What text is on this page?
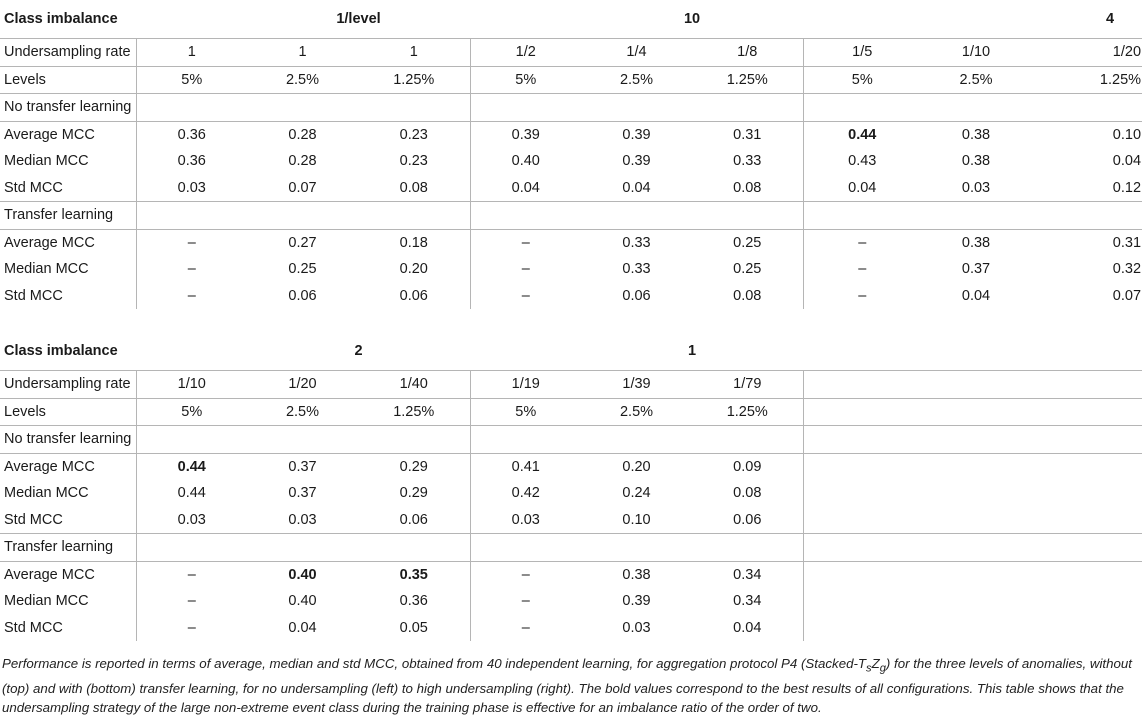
Class imbalance		1/level			10			4	
Undersampling rate	1	1	1	1/2	1/4	1/8	1/5	1/10	1/20
Levels	5%	2.5%	1.25%	5%	2.5%	1.25%	5%	2.5%	1.25%
No transfer learning									
Average MCC	0.36	0.28	0.23	0.39	0.39	0.31	0.44	0.38	0.10
Median MCC	0.36	0.28	0.23	0.40	0.39	0.33	0.43	0.38	0.04
Std MCC	0.03	0.07	0.08	0.04	0.04	0.08	0.04	0.03	0.12
Transfer learning									
Average MCC	–	0.27	0.18	–	0.33	0.25	–	0.38	0.31
Median MCC	–	0.25	0.20	–	0.33	0.25	–	0.37	0.32
Std MCC	–	0.06	0.06	–	0.06	0.08	–	0.04	0.07
Class imbalance		2			1				
Undersampling rate	1/10	1/20	1/40	1/19	1/39	1/79			
Levels	5%	2.5%	1.25%	5%	2.5%	1.25%			
No transfer learning									
Average MCC	0.44	0.37	0.29	0.41	0.20	0.09			
Median MCC	0.44	0.37	0.29	0.42	0.24	0.08			
Std MCC	0.03	0.03	0.06	0.03	0.10	0.06			
Transfer learning									
Average MCC	–	0.40	0.35	–	0.38	0.34			
Median MCC	–	0.40	0.36	–	0.39	0.34			
Std MCC	–	0.04	0.05	–	0.03	0.04			
Performance is reported in terms of average, median and std MCC, obtained from 40 independent learning, for aggregation protocol P4 $(Stacked-T_sZ_g)$ for the three levels of anomalies, without (top) and with (bottom) transfer learning, for no undersampling (left) to high undersampling (right). The bold values correspond to the best results of all configurations. This table shows that the undersampling strategy of the large non-extreme event class during the training phase is effective for an imbalance ratio of the order of two.
